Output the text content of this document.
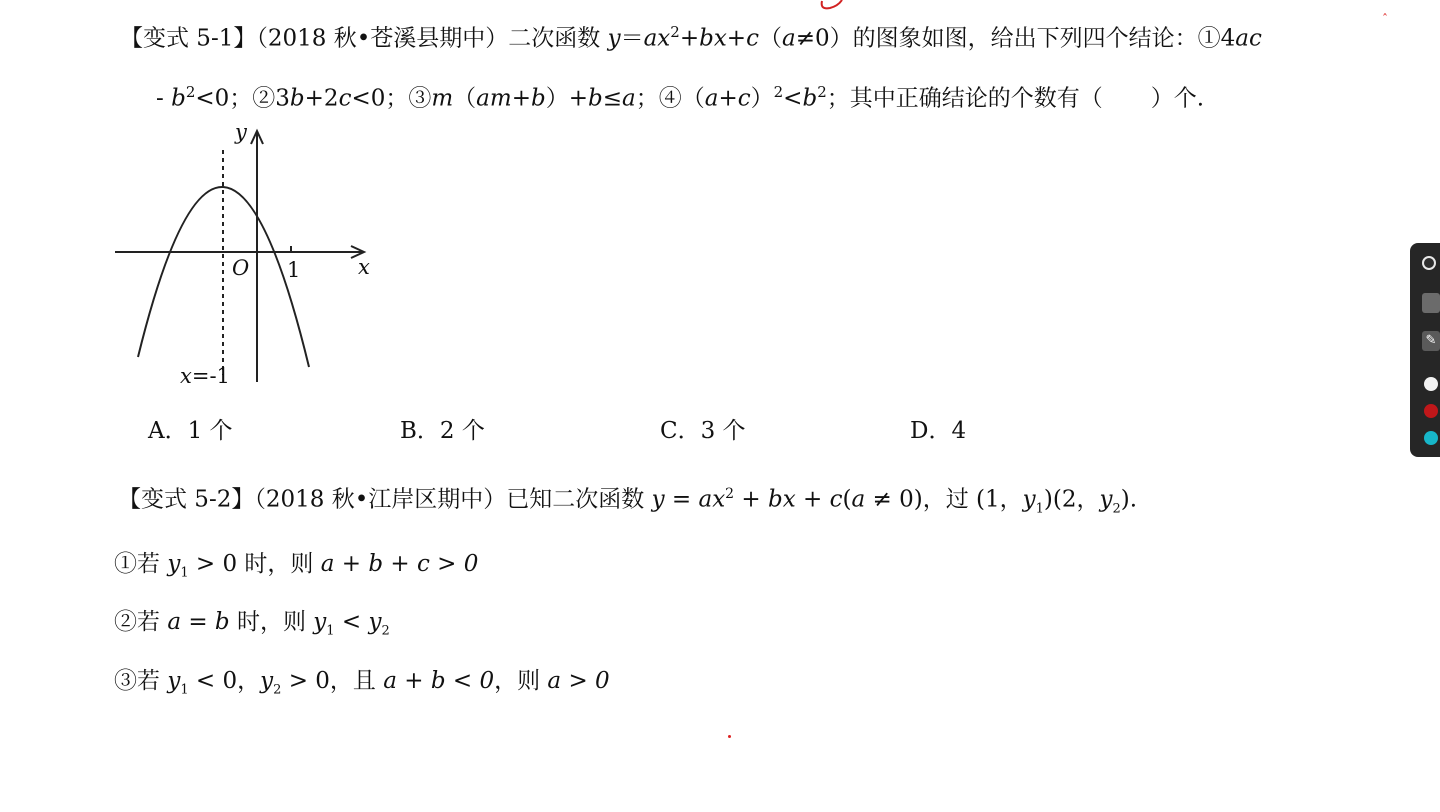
【变式 5-1】（2018 秋•苍溪县期中）二次函数 $y=ax^2+bx+c(a\ne 0)$的图象如图，给出下列四个结论：①4ac
- $b^2<0$；②3b+2c<0；③m（am+b）+b≤a；$④(a+c)^2<b^2$；其中正确结论的个数有（ ）个.
y
x
O 1
x=-1
A．1 个	B．2 个	C．3 个	D．4
【变式 5-2】（2018 秋•江岸区期中）已知二次函数 $y = ax^2$ + bx + c(a ≠ 0)，过 (1，$y_1)(2$，$y_2$).
①若 $y_1 > 0$ 时，则 a + b + c > 0
②若 a = b 时，则 $y_1 < y_2$
③若 $y_1 < 0$，$y_2 > 0$，且 a + b < 0，则 a > 0
ˆ
✎
